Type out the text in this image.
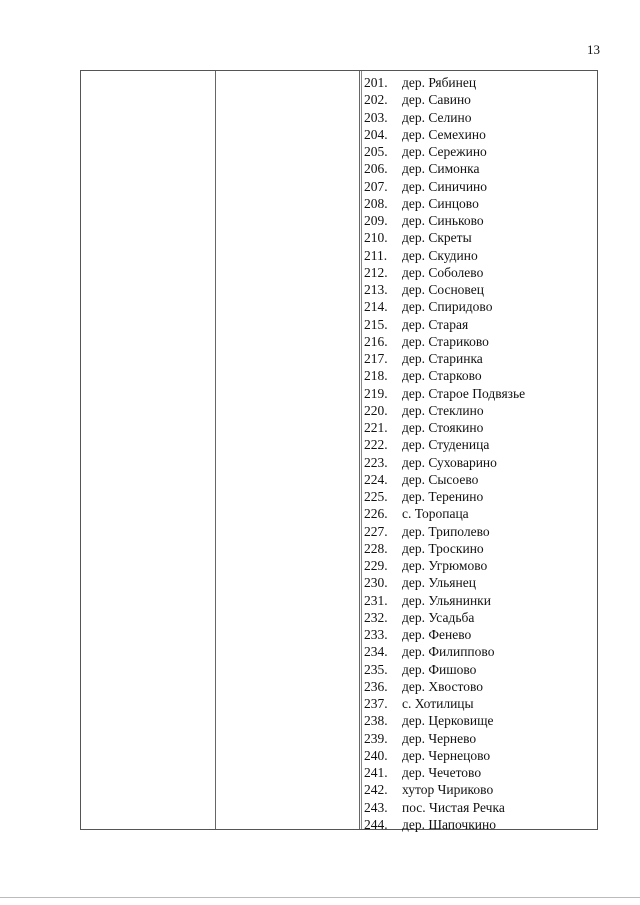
13
201.	дер. Рябинец
202.	дер. Савино
203.	дер. Селино
204.	дер. Семехино
205.	дер. Сережино
206.	дер. Симонка
207.	дер. Синичино
208.	дер. Синцово
209.	дер. Синьково
210.	дер. Скреты
211.	дер. Скудино
212.	дер. Соболево
213.	дер. Сосновец
214.	дер. Спиридово
215.	дер. Старая
216.	дер. Стариково
217.	дер. Старинка
218.	дер. Старково
219.	дер. Старое Подвязье
220.	дер. Стеклино
221.	дер. Стоякино
222.	дер. Студеница
223.	дер. Суховарино
224.	дер. Сысоево
225.	дер. Теренино
226.	с. Торопаца
227.	дер. Триполево
228.	дер. Троскино
229.	дер. Угрюмово
230.	дер. Ульянец
231.	дер. Ульянинки
232.	дер. Усадьба
233.	дер. Фенево
234.	дер. Филиппово
235.	дер. Фишово
236.	дер. Хвостово
237.	с. Хотилицы
238.	дер. Церковище
239.	дер. Чернево
240.	дер. Чернецово
241.	дер. Чечетово
242.	хутор Чириково
243.	пос. Чистая Речка
244.	дер. Шапочкино
